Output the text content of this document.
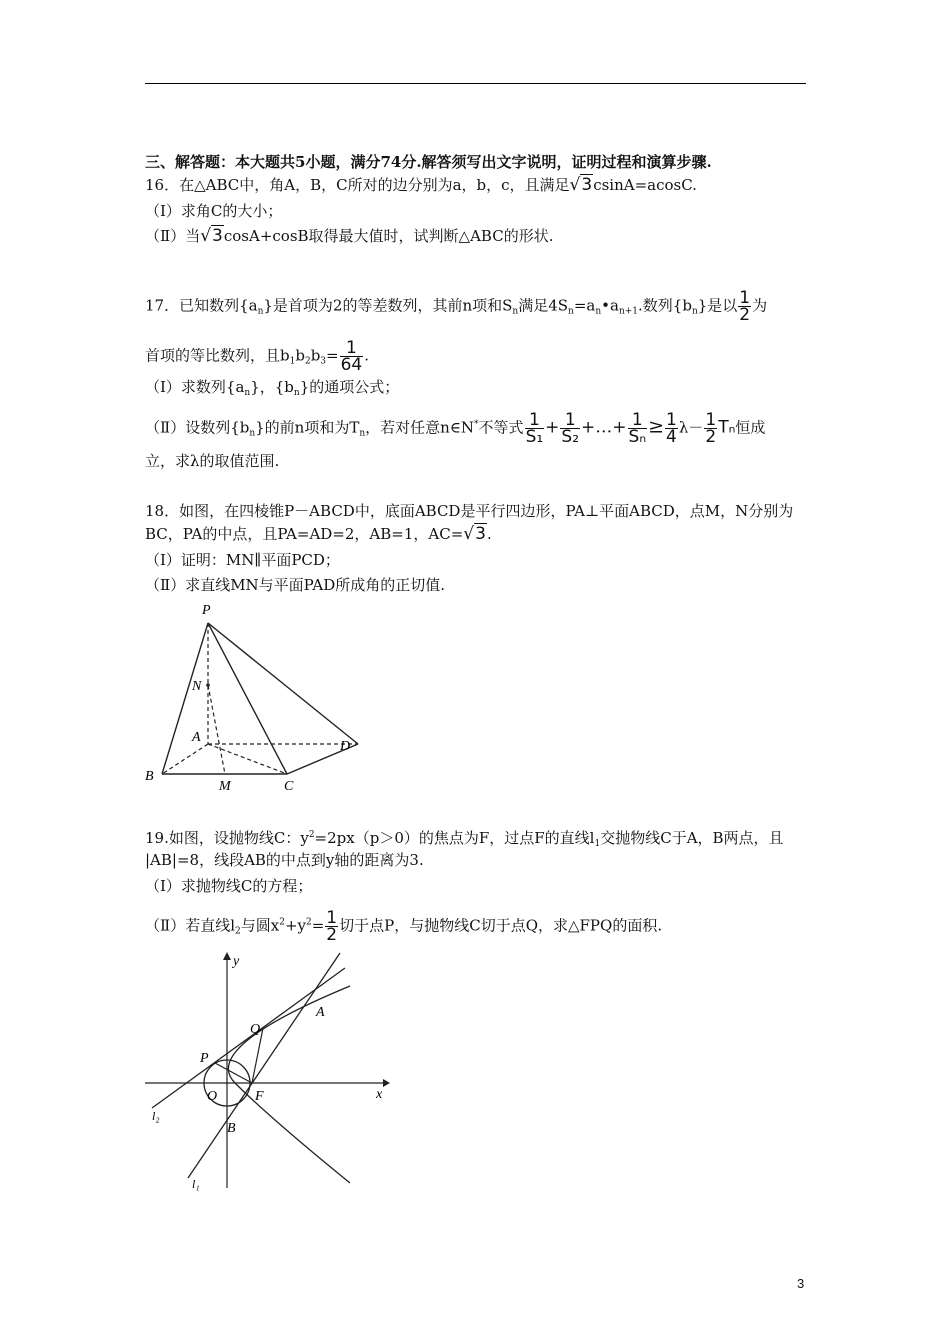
三、解答题：本大题共5小题，满分74分.解答须写出文字说明，证明过程和演算步骤.
16．在△ABC中，角A，B，C所对的边分别为a，b，c，且满足√3csinA=acosC.
（Ⅰ）求角C的大小；
（Ⅱ）当√3cosA+cosB取得最大值时，试判断△ABC的形状.
17．已知数列$\{a_n\}$是首项为2的等差数列，其前n项和$S_n$满足$4S_n=a_n•a_{n+1}$.数列$\{b_n\}$是以 $\frac{1}{2}$ 为
首项的等比数列，且$b_1b_2b_3= \frac{1}{64}$ .
（Ⅰ）求数列$\{a_n\}$，$\{b_n\}$的通项公式；
（Ⅱ）设数列$\{b_n\}$的前n项和为$T_n$，若对任意n∈N*不等式 $\frac{1}{\text{S₁}} + \frac{1}{\text{S₂}}$ +…+ $\frac{1}{\text{Sₙ}} \ge \frac{1}{4} \lambda- \frac{1}{2}$ Tₙ恒成
立，求λ的取值范围.
18．如图，在四棱锥P－ABCD中，底面ABCD是平行四边形，PA⊥平面ABCD，点M，N分别为
BC，PA的中点，且PA=AD=2，AB=1，AC=√3.
（Ⅰ）证明：MN∥平面PCD；
（Ⅱ）求直线MN与平面PAD所成角的正切值.
P
N
A
D
B
M	C
19.如图，设抛物线C：$y^2=2px(p>0)$的焦点为F，过点F的直线$l_1$交抛物线C于A，B两点，且
|AB|=8，线段AB的中点到y轴的距离为3.
（Ⅰ）求抛物线C的方程；
（Ⅱ）若直线$l_2$与圆$x^2+y^2= \frac{1}{2}$ 切于点P，与抛物线C切于点Q，求△FPQ的面积.
y
x
Q
A
P
O	F
B
l₂
l₁
3
